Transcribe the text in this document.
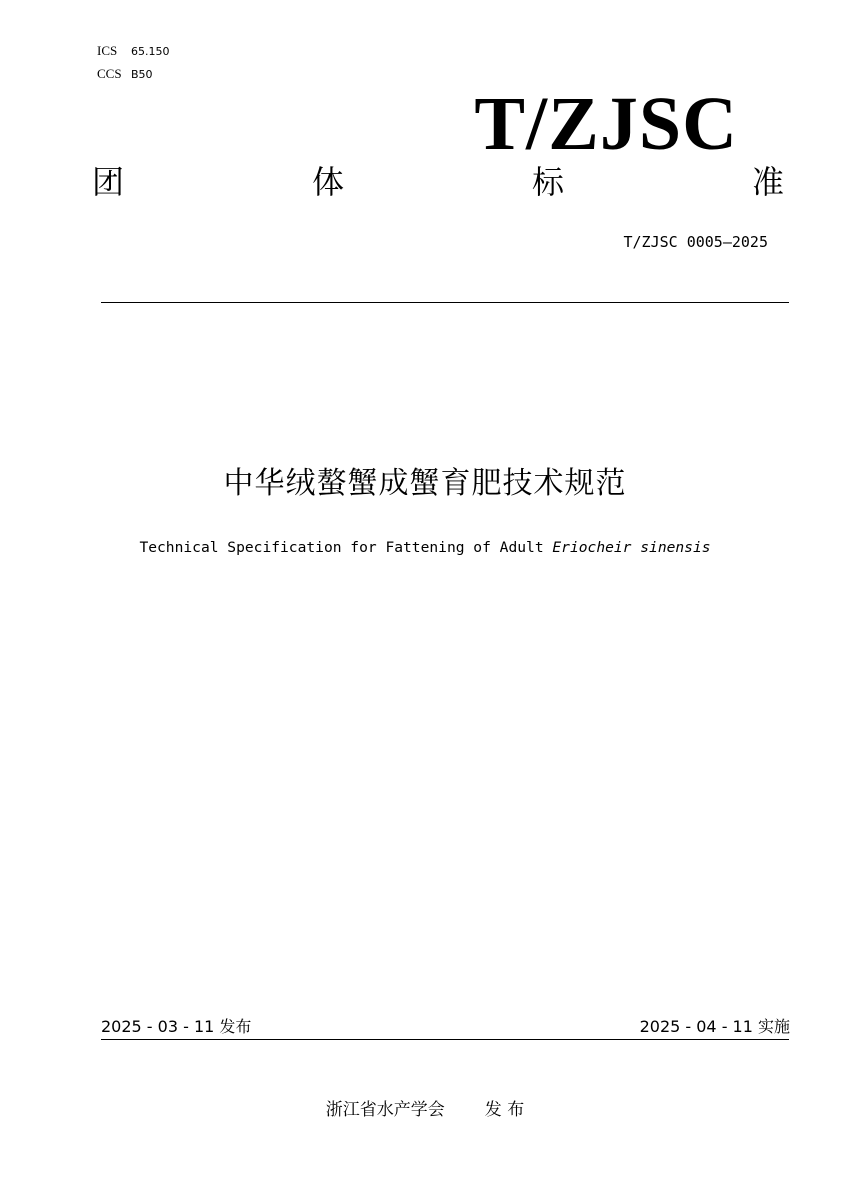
ICS 65.150
CCS B50
T/ZJSC
团	体	标	准
T/ZJSC 0005—2025
中华绒螯蟹成蟹育肥技术规范
Technical Specification for Fattening of Adult Eriocheir sinensis
2025 - 03 - 11 发布	2025 - 04 - 11 实施
浙江省水产学会 发 布
